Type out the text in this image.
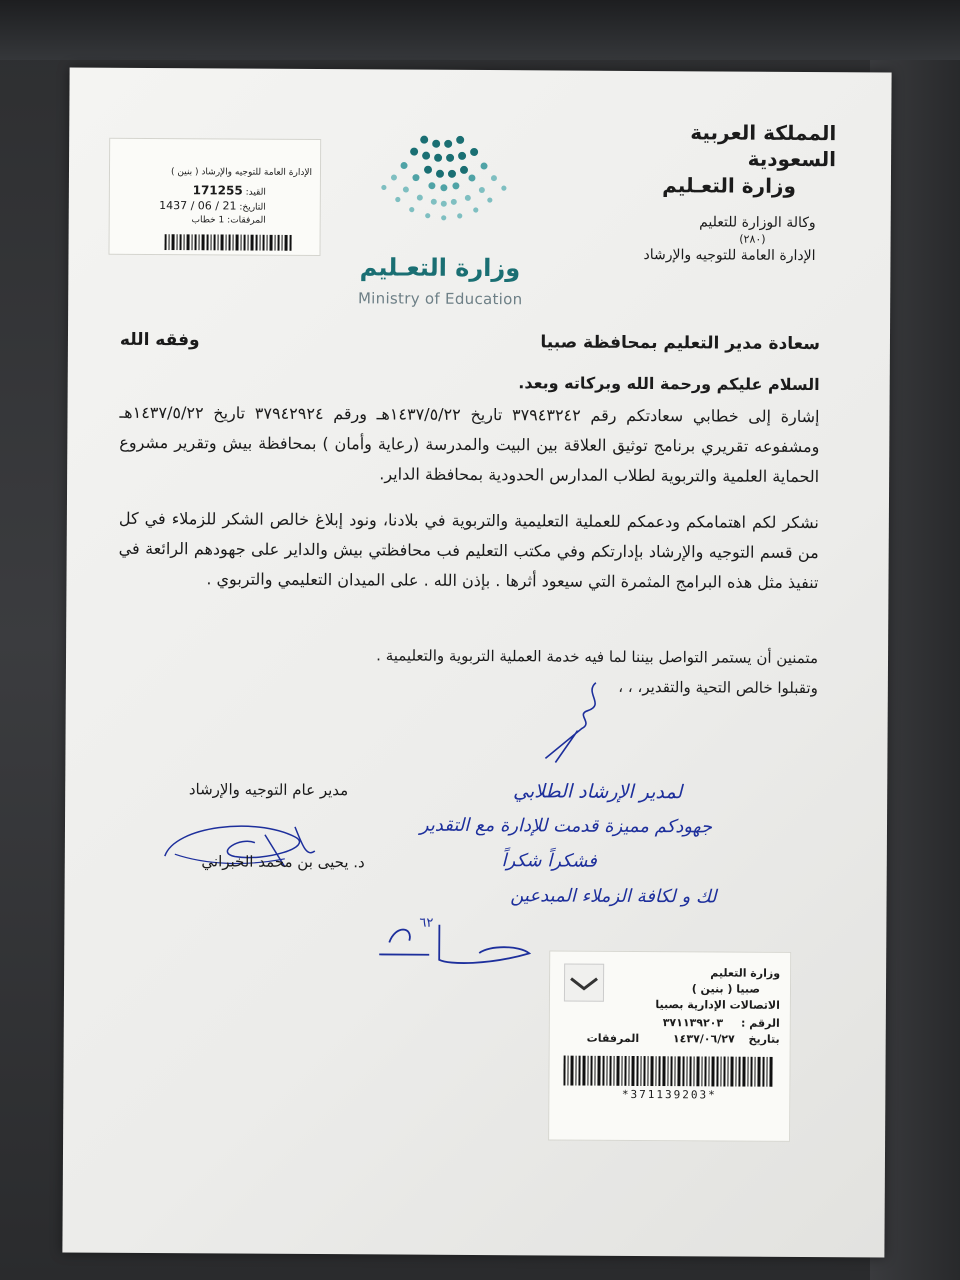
المملكة العربية السعودية
وزارة التعـليم
وكالة الوزارة للتعليم
(٢٨٠)
الإدارة العامة للتوجيه والإرشاد
وزارة التعـليم
Ministry of Education
الإدارة العامة للتوجيه والإرشاد ( بنين )
القيد: 171255
التاريخ: 21 / 06 / 1437
المرفقات: 1 خطاب
سعادة مدير التعليم بمحافظة صبيا
وفقه الله
السلام عليكم ورحمة الله وبركاته وبعد.
إشارة إلى خطابي سعادتكم رقم ٣٧٩٤٣٢٤٢ تاريخ ١٤٣٧/٥/٢٢هـ ورقم ٣٧٩٤٢٩٢٤ تاريخ ١٤٣٧/٥/٢٢هـ ومشفوعه تقريري برنامج توثيق العلاقة بين البيت والمدرسة (رعاية وأمان ) بمحافظة بيش وتقرير مشروع الحماية العلمية والتربوية لطلاب المدارس الحدودية بمحافظة الداير.
نشكر لكم اهتمامكم ودعمكم للعملية التعليمية والتربوية في بلادنا، ونود إبلاغ خالص الشكر للزملاء في كل من قسم التوجيه والإرشاد بإدارتكم وفي مكتب التعليم فب محافظتي بيش والداير على جهودهم الرائعة في تنفيذ مثل هذه البرامج المثمرة التي سيعود أثرها . بإذن الله . على الميدان التعليمي والتربوي .
متمنين أن يستمر التواصل بيننا لما فيه خدمة العملية التربوية والتعليمية .
وتقبلوا خالص التحية والتقدير، ، ،
مدير عام التوجيه والإرشاد
د. يحيى بن محمد الخبراني
لمدير الإرشاد الطلابي
جهودكم مميزة قدمت للإدارة مع التقدير
فشكراً شكراً
لك و لكافة الزملاء المبدعين
٦٢
وزارة التعليم
صبيا ( بنين )
الاتصالات الإدارية بصبيا
الرقم : ٣٧١١٣٩٢٠٣
بتاريخ ١٤٣٧/٠٦/٢٧ المرفقات
*37113920З*
